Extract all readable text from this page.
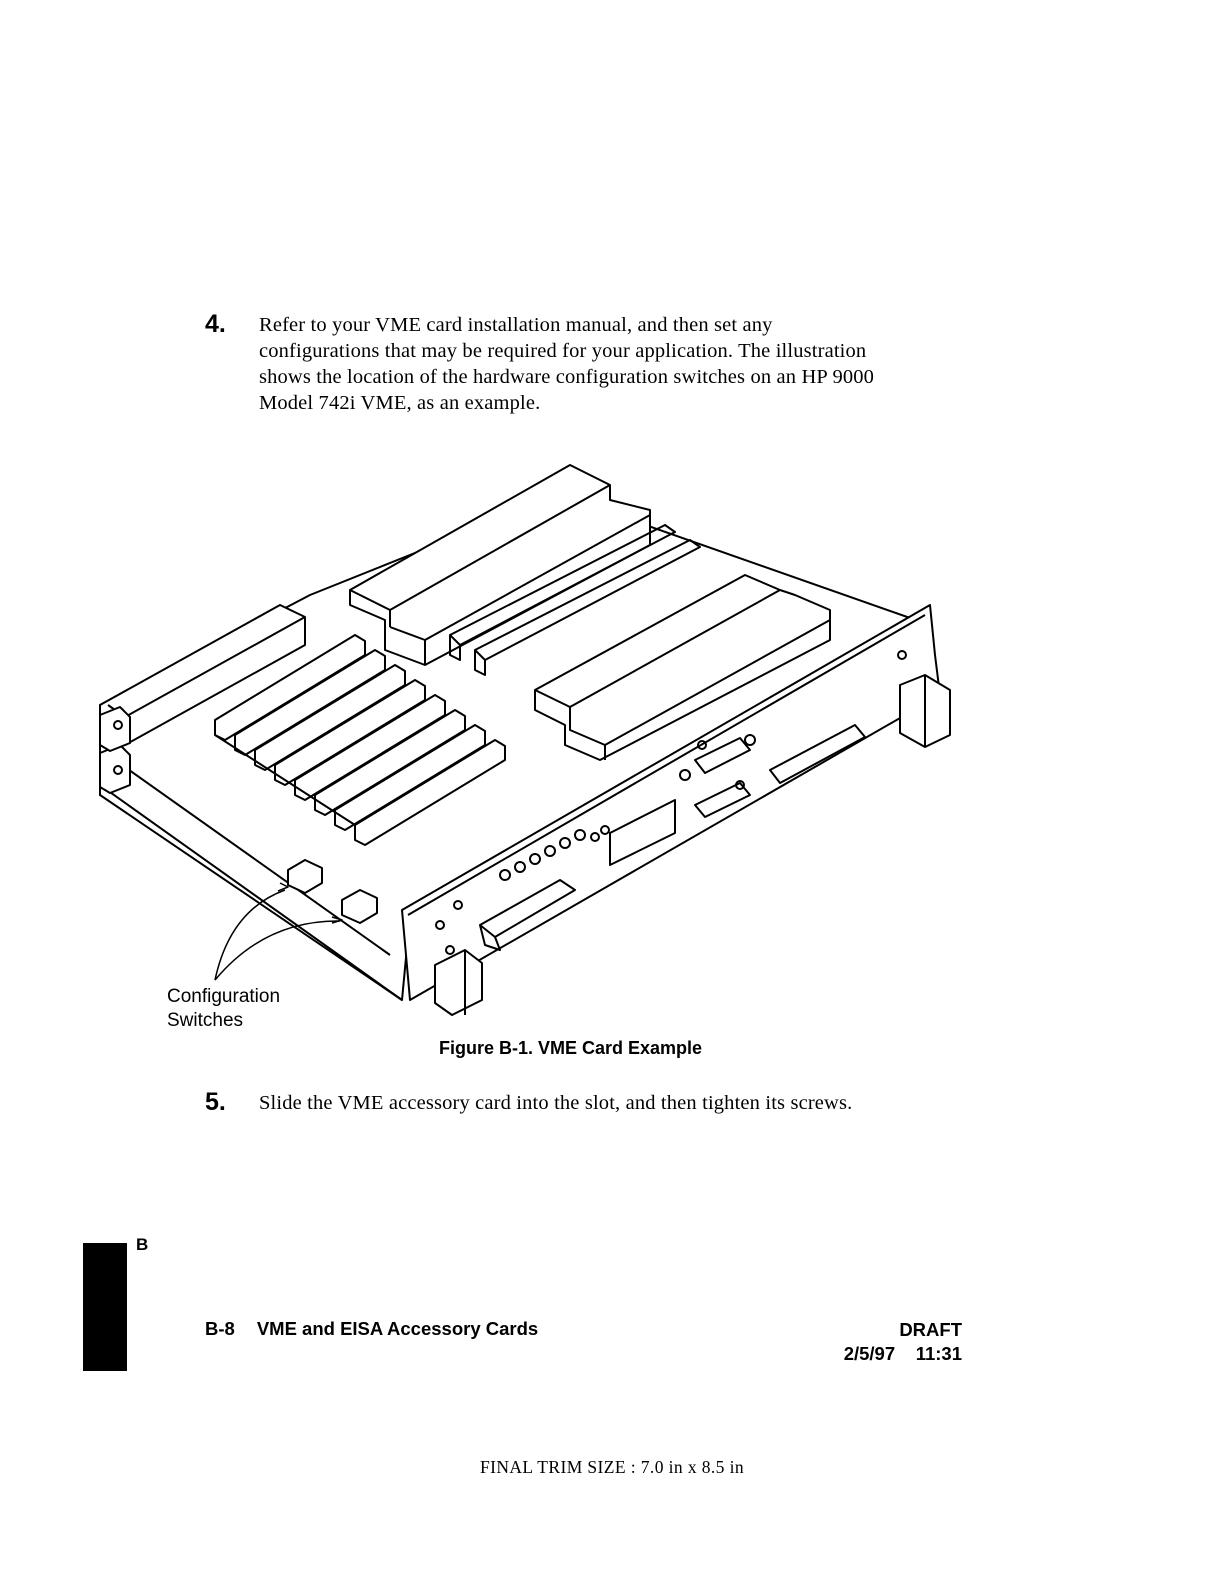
4. Refer to your VME card installation manual, and then set any
configurations that may be required for your application. The illustration
shows the location of the hardware configuration switches on an HP 9000
Model 742i VME, as an example.
Configuration
Switches
Figure B-1. VME Card Example
5. Slide the VME accessory card into the slot, and then tighten its screws.
B
B-8 VME and EISA Accessory Cards	DRAFT
2/5/97 11:31
FINAL TRIM SIZE : 7.0 in x 8.5 in
